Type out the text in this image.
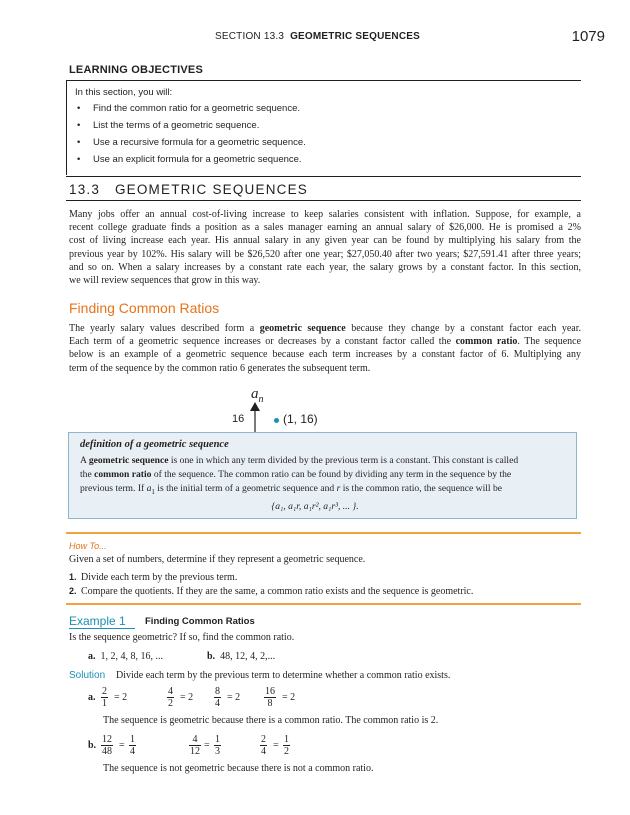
SECTION 13.3 GEOMETRIC SEQUENCES	1079
LEARNING OBJECTIVES
In this section, you will:
• Find the common ratio for a geometric sequence.
• List the terms of a geometric sequence.
• Use a recursive formula for a geometric sequence.
• Use an explicit formula for a geometric sequence.
13.3 GEOMETRIC SEQUENCES
Many jobs offer an annual cost-of-living increase to keep salaries consistent with inflation. Suppose, for example, a
recent college graduate finds a position as a sales manager earning an annual salary of $26,000. He is promised a 2%
cost of living increase each year. His annual salary in any given year can be found by multiplying his salary from the
previous year by 102%. His salary will be $26,520 after one year; $27,050.40 after two years; $27,591.41 after three years;
and so on. When a salary increases by a constant rate each year, the salary grows by a constant factor. In this section,
we will review sequences that grow in this way.
Finding Common Ratios
The yearly salary values described form a geometric sequence because they change by a constant factor each year.
Each term of a geometric sequence increases or decreases by a constant factor called the common ratio. The sequence
below is an example of a geometric sequence because each term increases by a constant factor of 6. Multiplying any
term of the sequence by the common ratio 6 generates the subsequent term.
$a_n$
16	(1, 16)
definition of a geometric sequence
A geometric sequence is one in which any term divided by the previous term is a constant. This constant is called
the common ratio of the sequence. The common ratio can be found by dividing any term in the sequence by the
previous term. If $a_1$ is the initial term of a geometric sequence and r is the common ratio, the sequence will be
{a₁, a₁r, a₁r², a₁r³, ... }.
How To...
Given a set of numbers, determine if they represent a geometric sequence.
1. Divide each term by the previous term.
2. Compare the quotients. If they are the same, a common ratio exists and the sequence is geometric.
Example 1 Finding Common Ratios
Is the sequence geometric? If so, find the common ratio.
a. 1, 2, 4, 8, 16, ...	b. 48, 12, 4, 2,...
Solution Divide each term by the previous term to determine whether a common ratio exists.
a. $\frac{2}{1} = 2$	$\frac{4}{2} = 2 \frac{8}{4} = 2 \frac{16}{8} = 2$
The sequence is geometric because there is a common ratio. The common ratio is 2.
b. $\frac{12}{48} = \frac{1}{4}$	$\frac{4}{12} = \frac{1}{3}$	$\frac{2}{4} = \frac{1}{2}$
The sequence is not geometric because there is not a common ratio.
